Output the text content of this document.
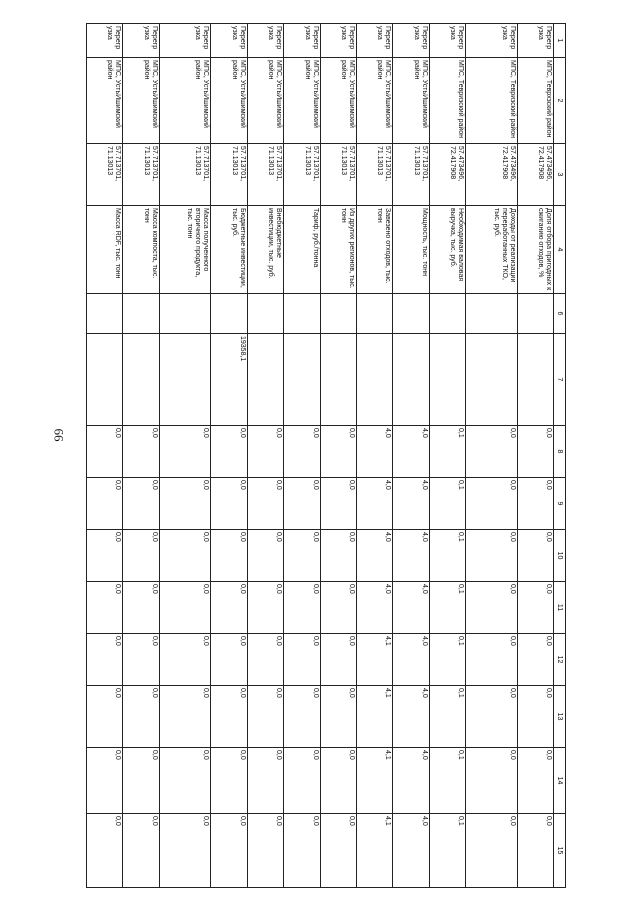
66
1	2	3	4	6	7	8	9	10	11	12	13	14	15
Перегр узка	МПС, Теврхзский район	57.473496, 72.417908	Доля отбора пригодных к сжиганию отходов, %			0,0	0,0	0,0	0,0	0,0	0,0	0,0	0,0
Перегр узка	МПС, Тевризский район	57.473496, 72.417908	Доходы от реализации переработанных ТКО, тыс. руб.			0,0	0,0	0,0	0,0	0,0	0,0	0,0	0,0
Перегр узка	МПС, Тевризский район	57.473496, 72.417908	Необходимая валовая выручка, тыс. руб.			0,1	0,1	0,1	0,1	0,1	0,1	0,1	0,1
Перегр узка	МПС, УстьИшимский район	57.713701, 71.13013	Мощность, тыс. тонн			4,0	4,0	4,0	4,0	4,0	4,0	4,0	4,0
Перегр узка	МПС, УстьИшимский район	57.713701, 71.13013	Завезено отходов, тыс. тонн			4,0	4,0	4,0	4,0	4,1	4,1	4,1	4,1
Перегр узка	МПС, УстьИшимский район	57.713701, 71.13013	Из других регионов, тыс. тонн			0,0	0,0	0,0	0,0	0,0	0,0	0,0	0,0
Перегр узка	МПС, УстьИшимский район	57.713701, 71.13013	Тариф, руб./тонна			0,0	0,0	0,0	0,0	0,0	0,0	0,0	0,0
Перегр узка	МПС, УстьИшимский район	57.713701, 71.13013	Внебюджетные инвестиции, тыс. руб.			0,0	0,0	0,0	0,0	0,0	0,0	0,0	0,0
Перегр узка	МПС, УстьИшимский район	57.713701, 71.13013	Бюджетные инвестиции, тыс. руб.		19358,1	0,0	0,0	0,0	0,0	0,0	0,0	0,0	0,0
Перегр узка	МПС, УстьИшимский район	57.713701, 71.13013	Масса полученного вторичного продукта, тыс. тонн			0,0	0,0	0,0	0,0	0,0	0,0	0,0	0,0
Перегр узка	МПС, УстьИшимский район	57.713701, 71.13013	Масса компоста, тыс. тонн			0,0	0,0	0,0	0,0	0,0	0,0	0,0	0,0
Перегр узка	МПС, УстьИшимский район	57.713701, 71.13013	Масса RDF, тыс. тонн			0,0	0,0	0,0	0,0	0,0	0,0	0,0	0,0
